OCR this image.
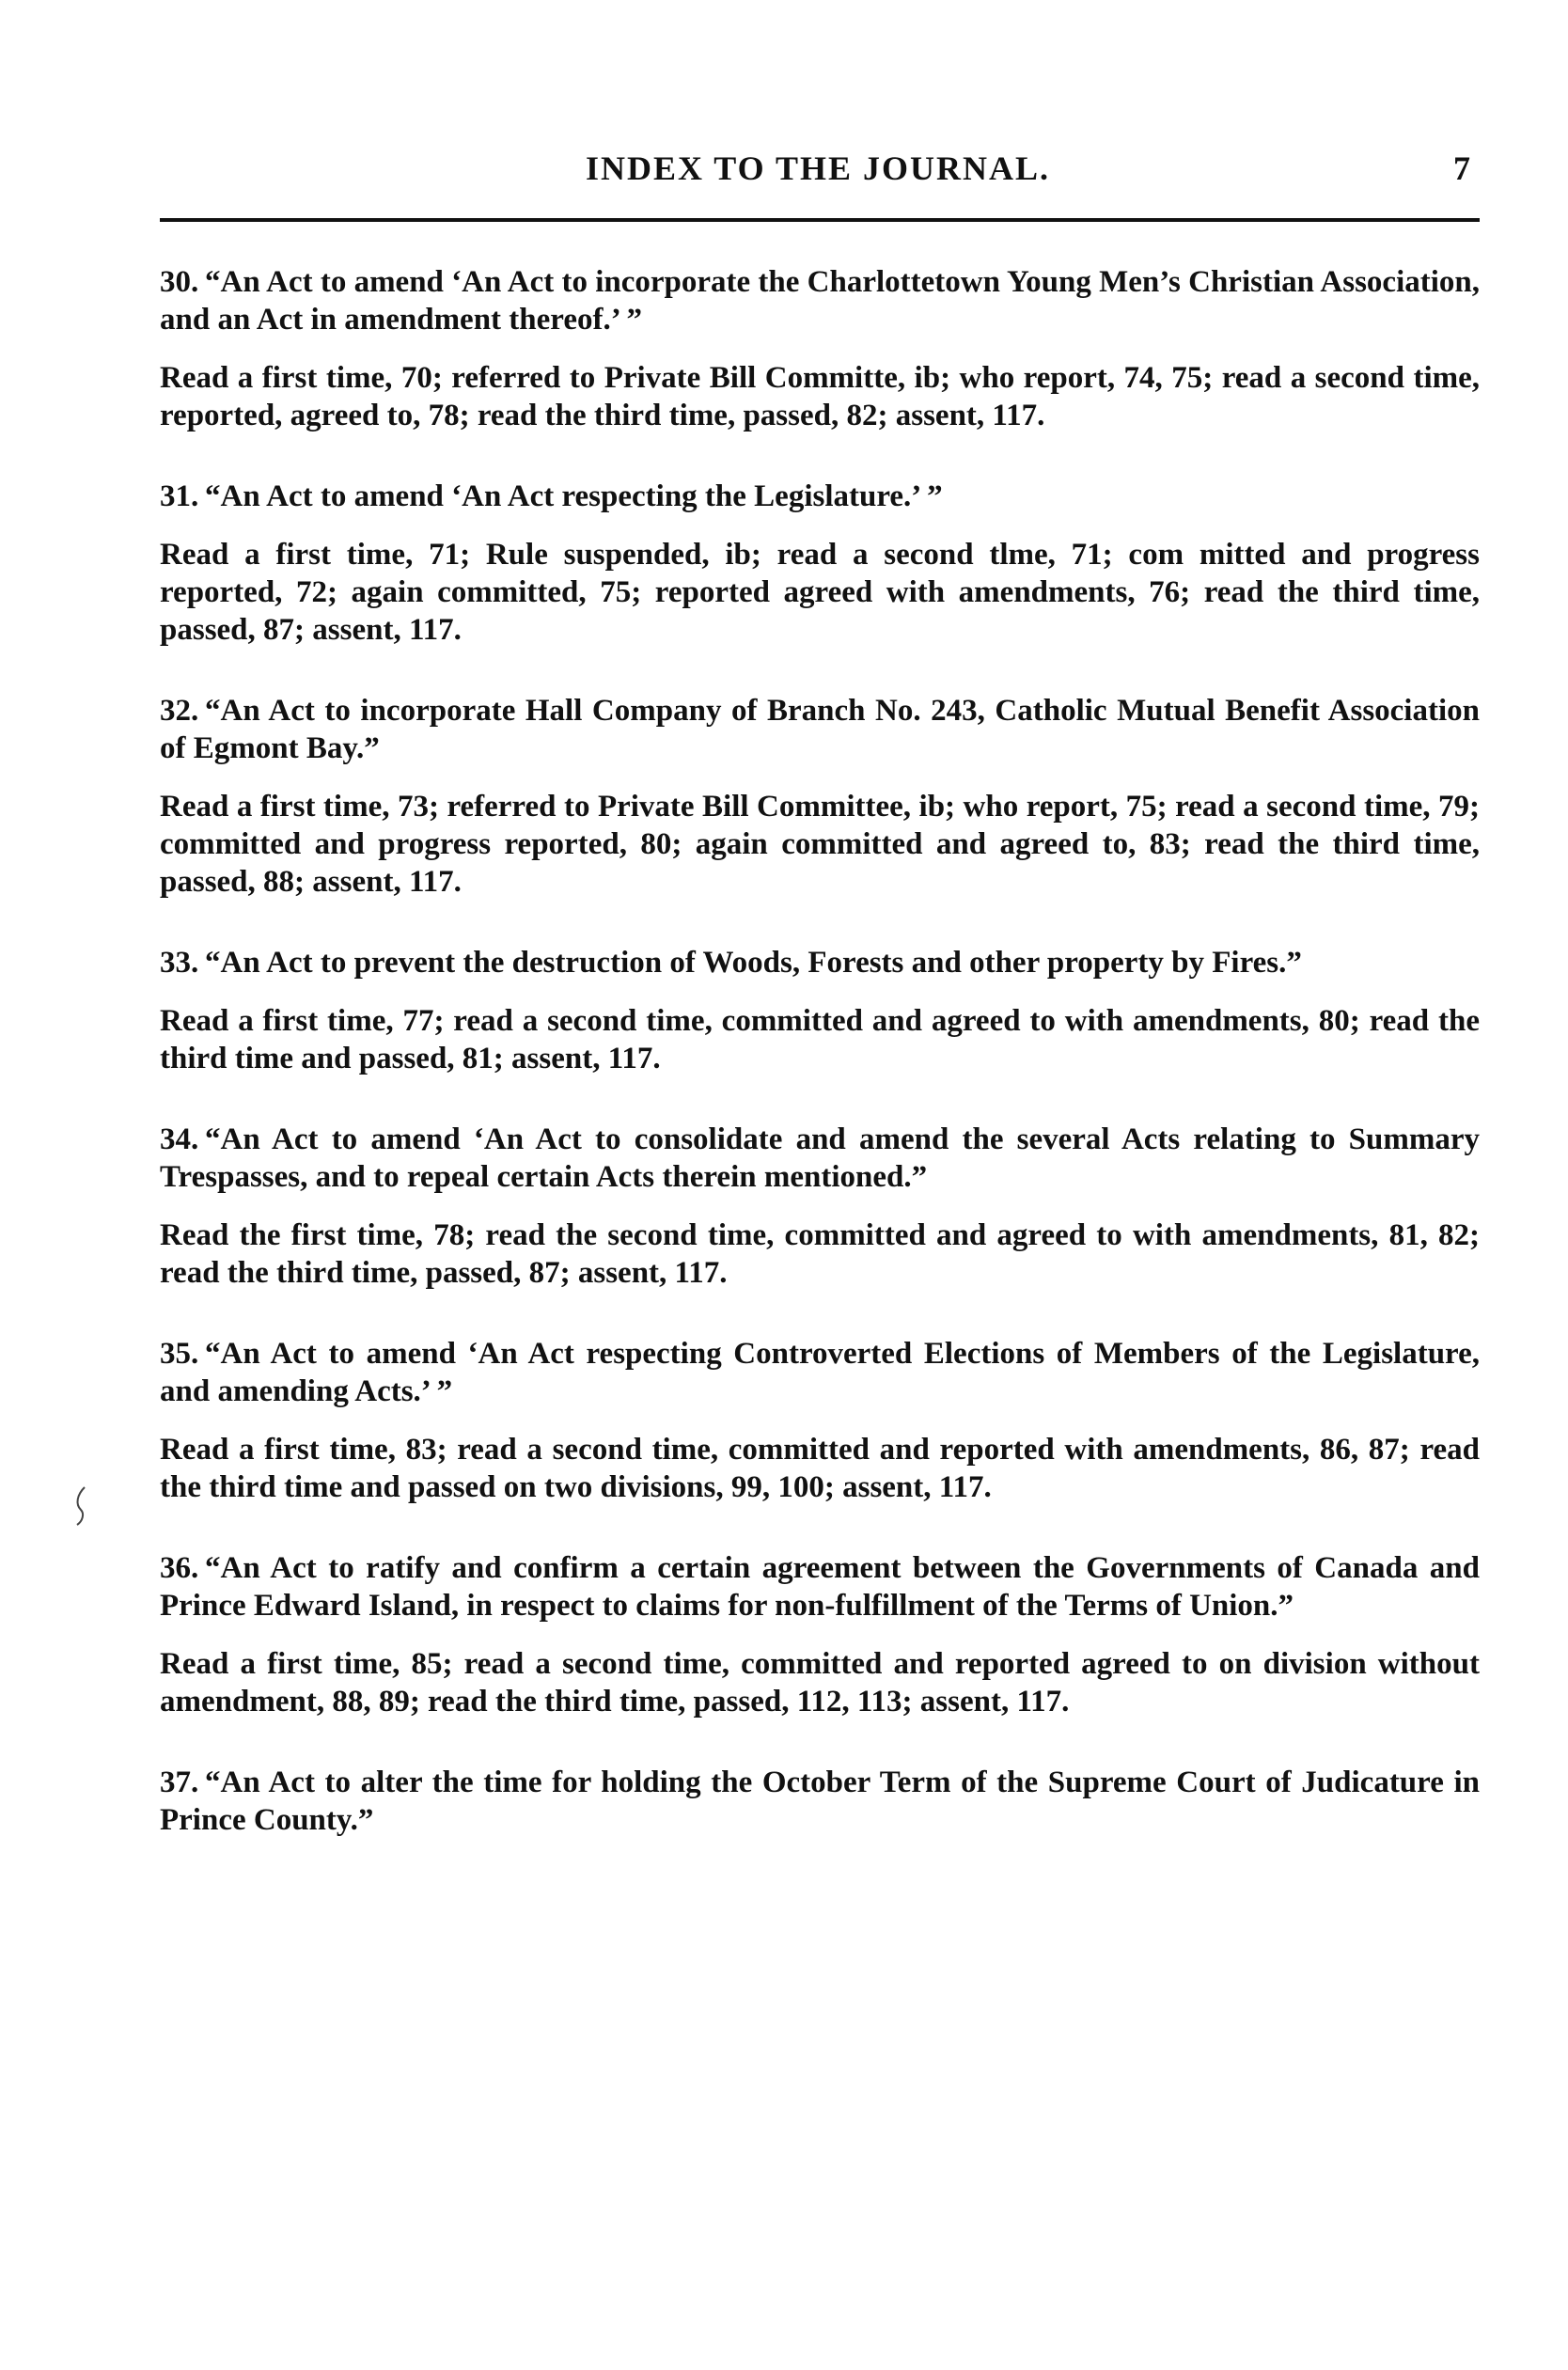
INDEX TO THE JOURNAL.	7
30. “An Act to amend ‘An Act to incorporate the Charlottetown Young Men’s Christian Association, and an Act in amendment thereof.’ ”
Read a first time, 70; referred to Private Bill Committe, ib; who report, 74, 75; read a second time, reported, agreed to, 78; read the third time, passed, 82; assent, 117.
31. “An Act to amend ‘An Act respecting the Legislature.’ ”
Read a first time, 71; Rule suspended, ib; read a second tlme, 71; com mitted and progress reported, 72; again committed, 75; reported agreed with amendments, 76; read the third time, passed, 87; assent, 117.
32. “An Act to incorporate Hall Company of Branch No. 243, Catholic Mutual Benefit Association of Egmont Bay.”
Read a first time, 73; referred to Private Bill Committee, ib; who report, 75; read a second time, 79; committed and progress reported, 80; again committed and agreed to, 83; read the third time, passed, 88; assent, 117.
33. “An Act to prevent the destruction of Woods, Forests and other property by Fires.”
Read a first time, 77; read a second time, committed and agreed to with amendments, 80; read the third time and passed, 81; assent, 117.
34. “An Act to amend ‘An Act to consolidate and amend the several Acts relating to Summary Trespasses, and to repeal certain Acts therein mentioned.”
Read the first time, 78; read the second time, committed and agreed to with amendments, 81, 82; read the third time, passed, 87; assent, 117.
35. “An Act to amend ‘An Act respecting Controverted Elections of Members of the Legislature, and amending Acts.’ ”
Read a first time, 83; read a second time, committed and reported with amendments, 86, 87; read the third time and passed on two divisions, 99, 100; assent, 117.
36. “An Act to ratify and confirm a certain agreement between the Governments of Canada and Prince Edward Island, in respect to claims for non-fulfillment of the Terms of Union.”
Read a first time, 85; read a second time, committed and reported agreed to on division without amendment, 88, 89; read the third time, passed, 112, 113; assent, 117.
37. “An Act to alter the time for holding the October Term of the Supreme Court of Judicature in Prince County.”
